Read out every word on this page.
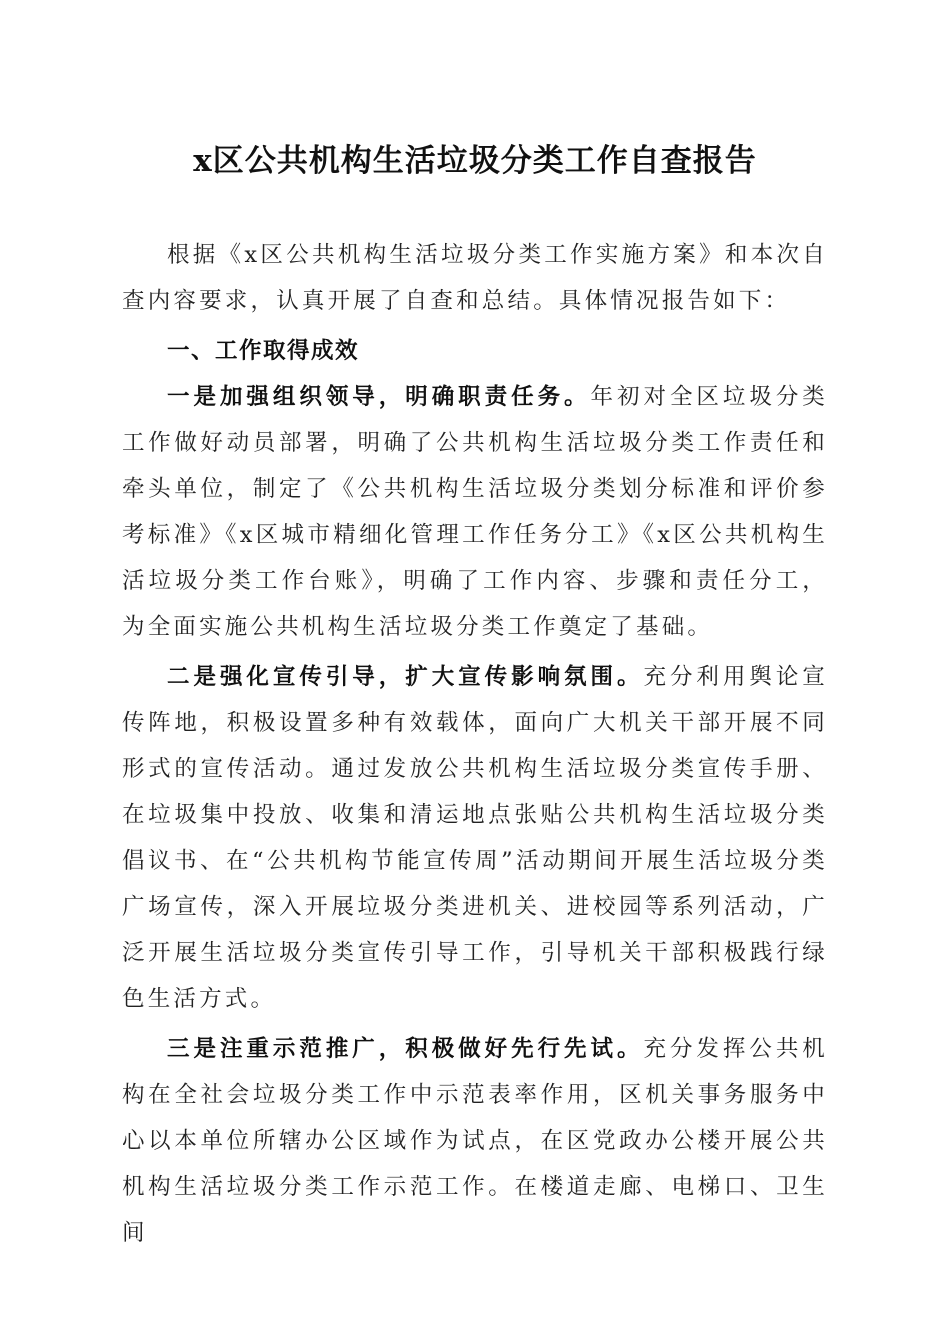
x区公共机构生活垃圾分类工作自查报告

根据《x区公共机构生活垃圾分类工作实施方案》和本次自查内容要求，认真开展了自查和总结。具体情况报告如下：

一、工作取得成效

一是加强组织领导，明确职责任务。年初对全区垃圾分类工作做好动员部署，明确了公共机构生活垃圾分类工作责任和牵头单位，制定了《公共机构生活垃圾分类划分标准和评价参考标准》《x区城市精细化管理工作任务分工》《x区公共机构生活垃圾分类工作台账》，明确了工作内容、步骤和责任分工，为全面实施公共机构生活垃圾分类工作奠定了基础。

二是强化宣传引导，扩大宣传影响氛围。充分利用舆论宣传阵地，积极设置多种有效载体，面向广大机关干部开展不同形式的宣传活动。通过发放公共机构生活垃圾分类宣传手册、在垃圾集中投放、收集和清运地点张贴公共机构生活垃圾分类倡议书、在“公共机构节能宣传周”活动期间开展生活垃圾分类广场宣传，深入开展垃圾分类进机关、进校园等系列活动，广泛开展生活垃圾分类宣传引导工作，引导机关干部积极践行绿色生活方式。

三是注重示范推广，积极做好先行先试。充分发挥公共机构在全社会垃圾分类工作中示范表率作用，区机关事务服务中心以本单位所辖办公区域作为试点，在区党政办公楼开展公共机构生活垃圾分类工作示范工作。在楼道走廊、电梯口、卫生间
